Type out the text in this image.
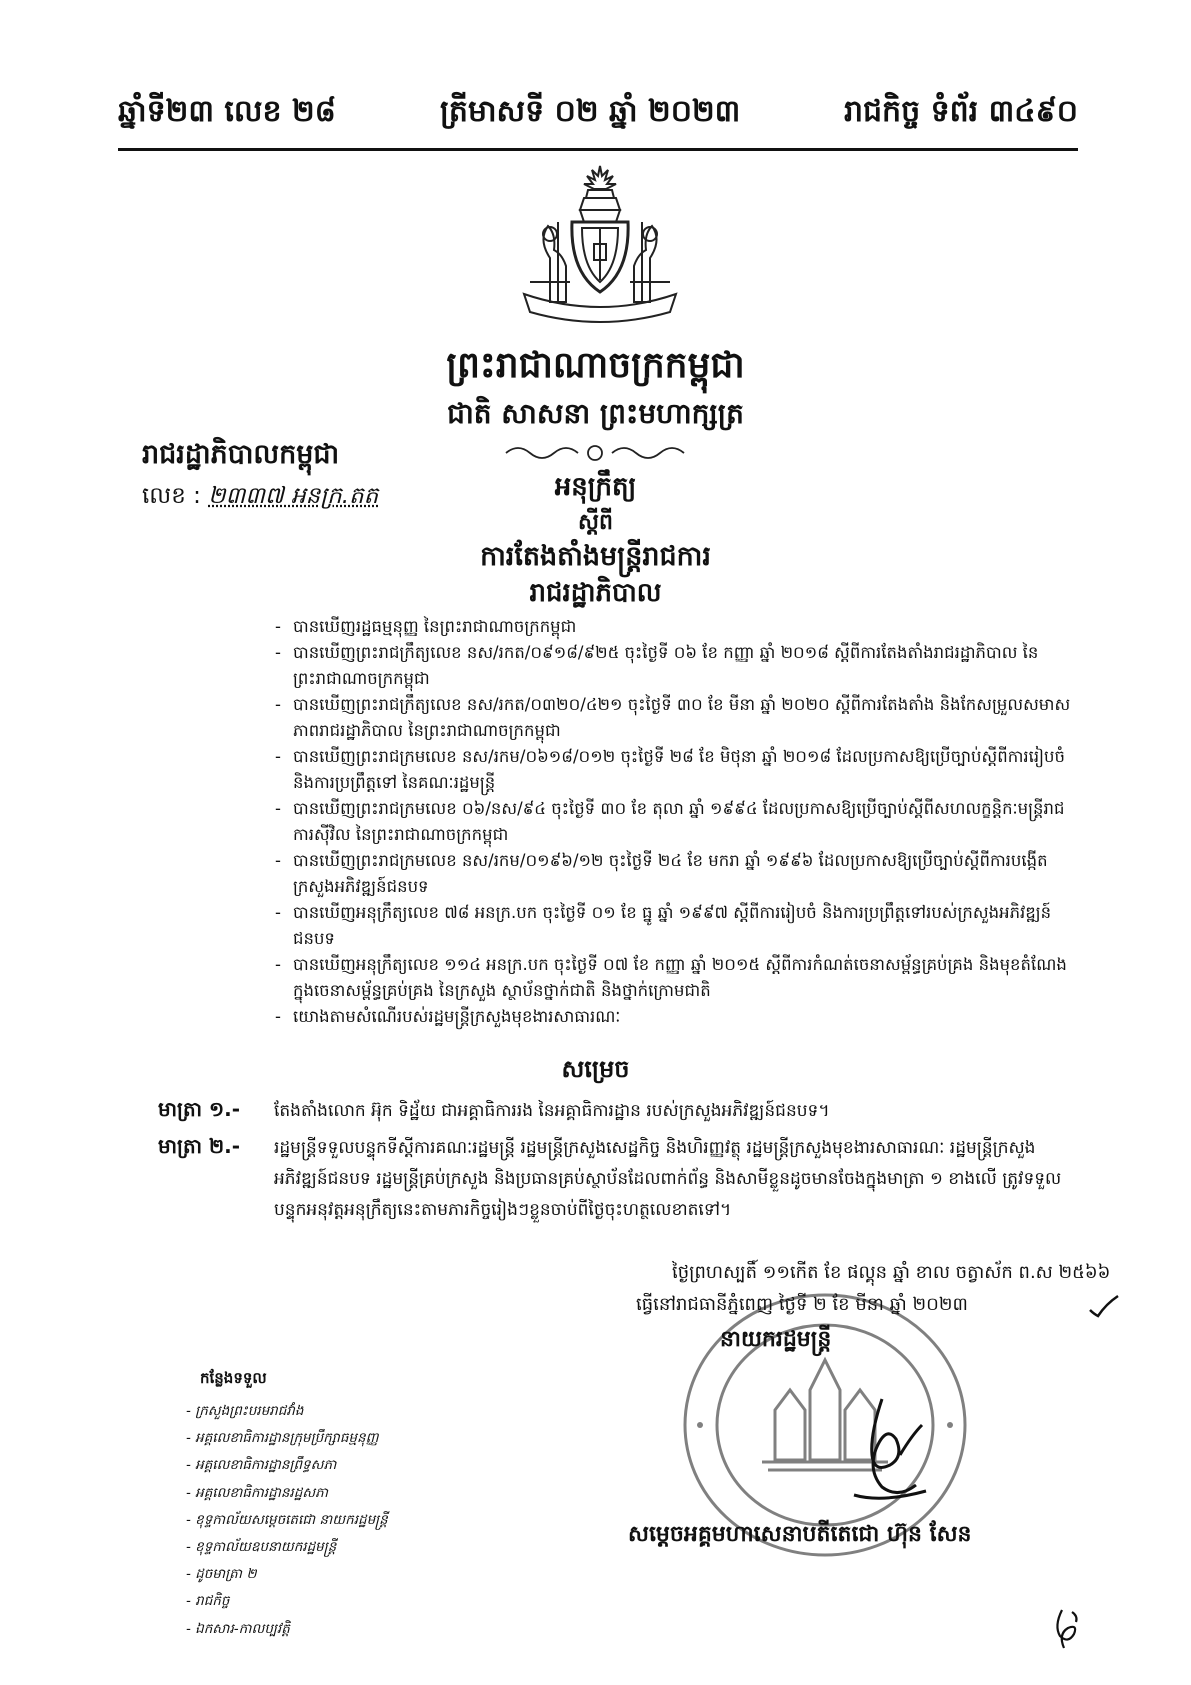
ឆ្នាំទី២៣ លេខ ២៨	ត្រីមាសទី ០២ ឆ្នាំ ២០២៣	រាជកិច្ច ទំព័រ ៣៤៩០
ព្រះរាជាណាចក្រកម្ពុជា
ជាតិ សាសនា ព្រះមហាក្សត្រ
រាជរដ្ឋាភិបាលកម្ពុជា
លេខ : ២៣៣៧ អនក្រ.តត	អនុក្រឹត្យ
ស្តីពី
ការតែងតាំងមន្រ្តីរាជការ
រាជរដ្ឋាភិបាល
- បានឃើញរដ្ឋធម្មនុញ្ញ នៃព្រះរាជាណាចក្រកម្ពុជា
- បានឃើញព្រះរាជក្រឹត្យលេខ នស/រកត/០៩១៨/៩២៥ ចុះថ្ងៃទី ០៦ ខែ កញ្ញា ឆ្នាំ ២០១៨ ស្តីពីការតែងតាំងរាជរដ្ឋាភិបាល នៃព្រះរាជាណាចក្រកម្ពុជា
- បានឃើញព្រះរាជក្រឹត្យលេខ នស/រកត/០៣២០/៤២១ ចុះថ្ងៃទី ៣០ ខែ មីនា ឆ្នាំ ២០២០ ស្តីពីការតែងតាំង និងកែសម្រួលសមាសភាពរាជរដ្ឋាភិបាល នៃព្រះរាជាណាចក្រកម្ពុជា
- បានឃើញព្រះរាជក្រមលេខ នស/រកម/០៦១៨/០១២ ចុះថ្ងៃទី ២៨ ខែ មិថុនា ឆ្នាំ ២០១៨ ដែលប្រកាសឱ្យប្រើច្បាប់ស្តីពីការរៀបចំ និងការប្រព្រឹត្តទៅ នៃគណៈរដ្ឋមន្រ្តី
- បានឃើញព្រះរាជក្រមលេខ ០៦/នស/៩៤ ចុះថ្ងៃទី ៣០ ខែ តុលា ឆ្នាំ ១៩៩៤ ដែលប្រកាសឱ្យប្រើច្បាប់ស្តីពីសហលក្ខន្តិកៈមន្រ្តីរាជការស៊ីវិល នៃព្រះរាជាណាចក្រកម្ពុជា
- បានឃើញព្រះរាជក្រមលេខ នស/រកម/០១៩៦/១២ ចុះថ្ងៃទី ២៤ ខែ មករា ឆ្នាំ ១៩៩៦ ដែលប្រកាសឱ្យប្រើច្បាប់ស្តីពីការបង្កើតក្រសួងអភិវឌ្ឍន៍ជនបទ
- បានឃើញអនុក្រឹត្យលេខ ៧៨ អនក្រ.បក ចុះថ្ងៃទី ០១ ខែ ធ្នូ ឆ្នាំ ១៩៩៧ ស្តីពីការរៀបចំ និងការប្រព្រឹត្តទៅរបស់ក្រសួងអភិវឌ្ឍន៍ជនបទ
- បានឃើញអនុក្រឹត្យលេខ ១១៤ អនក្រ.បក ចុះថ្ងៃទី ០៧ ខែ កញ្ញា ឆ្នាំ ២០១៥ ស្តីពីការកំណត់ចេនាសម្ព័ន្ធគ្រប់គ្រង និងមុខតំណែងក្នុងចេនាសម្ព័ន្ធគ្រប់គ្រង នៃក្រសួង ស្ថាប័នថ្នាក់ជាតិ និងថ្នាក់ក្រោមជាតិ
- យោងតាមសំណើរបស់រដ្ឋមន្រ្តីក្រសួងមុខងារសាធារណៈ
សម្រេច
មាត្រា ១.- តែងតាំងលោក អ៊ុក ទិដ្ឋ័យ ជាអគ្គាធិការរង នៃអគ្គាធិការដ្ឋាន របស់ក្រសួងអភិវឌ្ឍន៍ជនបទ។
មាត្រា ២.- រដ្ឋមន្រ្តីទទួលបន្ទុកទីស្តីការគណៈរដ្ឋមន្រ្តី រដ្ឋមន្រ្តីក្រសួងសេដ្ឋកិច្ច និងហិរញ្ញវត្ថុ រដ្ឋមន្រ្តីក្រសួងមុខងារសាធារណៈ រដ្ឋមន្រ្តីក្រសួងអភិវឌ្ឍន៍ជនបទ រដ្ឋមន្រ្តីគ្រប់ក្រសួង និងប្រធានគ្រប់ស្ថាប័នដែលពាក់ព័ន្ធ និងសាមីខ្លួនដូចមានចែងក្នុងមាត្រា ១ ខាងលើ ត្រូវទទួលបន្ទុកអនុវត្តអនុក្រឹត្យនេះតាមភារកិច្ចរៀងៗខ្លួនចាប់ពីថ្ងៃចុះហត្ថលេខាតទៅ។
ថ្ងៃព្រហស្បតិ៍ ១១កើត ខែ ផល្គុន ឆ្នាំ ខាល ចត្វាស័ក ព.ស ២៥៦៦
ធ្វើនៅរាជធានីភ្នំពេញ ថ្ងៃទី ២ ខែ មីនា ឆ្នាំ ២០២៣
នាយករដ្ឋមន្រ្តី
កន្លែងទទួល
- ក្រសួងព្រះបរមរាជវាំង
- អគ្គលេខាធិការដ្ឋានក្រុមប្រឹក្សាធម្មនុញ្ញ
- អគ្គលេខាធិការដ្ឋានព្រឹទ្ធសភា
- អគ្គលេខាធិការដ្ឋានរដ្ឋសភា
- ខុទ្ទកាល័យសម្តេចតេជោ នាយករដ្ឋមន្រ្តី
- ខុទ្ទកាល័យឧបនាយករដ្ឋមន្រ្តី
- ដូចមាត្រា ២
- រាជកិច្ច
- ឯកសារ-កាលប្បវត្តិ
សម្តេចអគ្គមហាសេនាបតីតេជោ ហ៊ុន សែន
